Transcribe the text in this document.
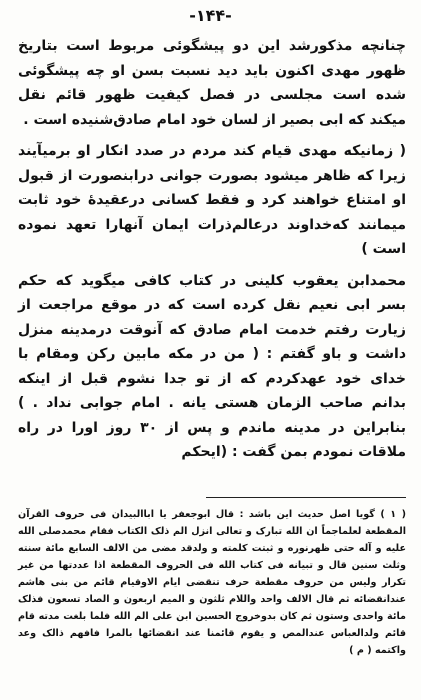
-۱۴۴-

چنانچه مذکورشد این دو پیشگوئی مربوط است بتاریخ ظهور مهدی اکنون باید دید نسبت بسن او چه پیشگوئی شده است مجلسی در فصل کیفیت ظهور قائم نقل میکند که ابی بصیر از لسان خود امام صادق‌شنیده است .

( زمانیکه مهدی قیام کند مردم در صدد انکار او برمیآیند زیرا که ظاهر میشود بصورت جوانی درابنصورت از قبول او امتناع خواهند کرد و فقط کسانی درعقیدهٔ خود ثابت میمانند که‌خداوند درعالم‌ذرات ایمان آنهارا تعهد نموده است )

محمدابن یعقوب کلینی در کتاب کافی میگوید که حکم بسر ابی نعیم نقل کرده است که در موقع مراجعت از زیارت رفتم خدمت امام صادق که آنوقت درمدینه منزل داشت و باو گفتم : ( من در مکه مابین رکن ومقام با خدای خود عهدکردم که از تو جدا نشوم قبل از اینکه بدانم صاحب الزمان هستی یانه . امام جوابی نداد . ) بنابراین در مدینه ماندم و پس از ۳۰ روز اورا در راه ملاقات نمودم بمن گفت : (ایحکم

( ۱ ) گویا اصل حدیث این باشد : قال ابوجعفر یا اباالبیدان فی حروف القرآن المقطعة لعلماجماً ان الله تبارک و تعالی انزل الم ذلک الکتاب فقام محمدصلی الله علیه و آله حتی ظهرنوره و ثبتت کلمته و ولدقد مضی من الالف السابع مائة سنته وثلث سنین قال و تبیانه فی کتاب الله فی الحروف المقطعة اذا عددتها من غیر تکرار ولیس من حروف مقطعة حرف تنقضی ایام الاوقیام قائم من بنی هاشم عندانقضائه ثم قال الالف واحد واللام ثلثون و المیم اربعون و الصاد تسعون فذلک مائة واحدی وستون ثم کان بدوخروج الحسین ابن علی الم الله فلما بلغت مدته قام قائم ولدالعباس عندالمص و یقوم قائمنا عند انقضائها بالمرا فافهم ذالک وعد واکتمه ( م )
